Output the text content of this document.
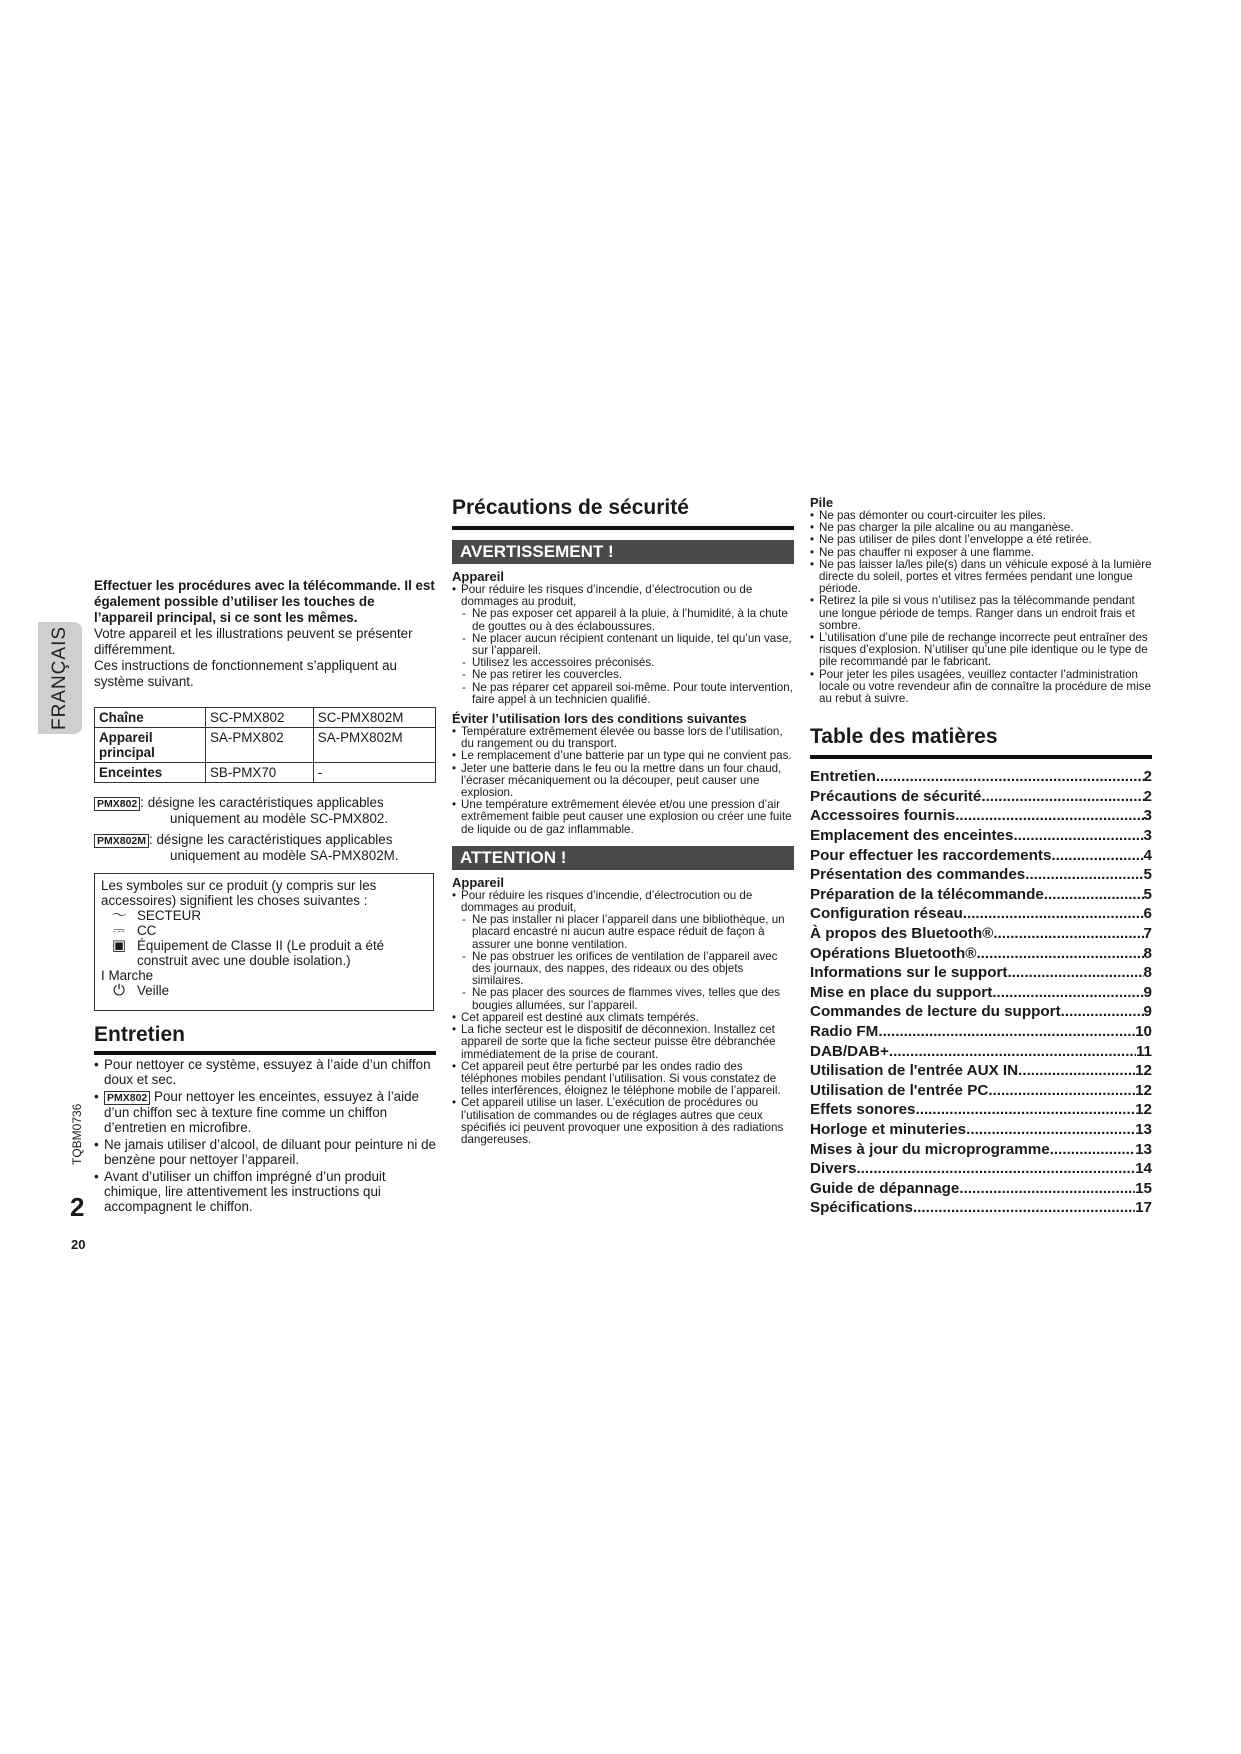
FRANÇAIS
TQBM0736
2
20
Effectuer les procédures avec la télécommande. Il est également possible d’utiliser les touches de l’appareil principal, si ce sont les mêmes.
Votre appareil et les illustrations peuvent se présenter différemment.
Ces instructions de fonctionnement s’appliquent au système suivant.
Chaîne	SC-PMX802	SC-PMX802M
Appareil principal	SA-PMX802	SA-PMX802M
Enceintes	SB-PMX70	-
PMX802 : désigne les caractéristiques applicables
uniquement au modèle SC-PMX802.
PMX802M : désigne les caractéristiques applicables
uniquement au modèle SA-PMX802M.
Les symboles sur ce produit (y compris sur les accessoires) signifient les choses suivantes :
～ SECTEUR
⎓ CC
▣ Équipement de Classe II (Le produit a été construit avec une double isolation.)
I Marche
⏻ Veille
Entretien
• Pour nettoyer ce système, essuyez à l’aide d’un chiffon doux et sec.
• PMX802 Pour nettoyer les enceintes, essuyez à l’aide d’un chiffon sec à texture fine comme un chiffon d’entretien en microfibre.
• Ne jamais utiliser d’alcool, de diluant pour peinture ni de benzène pour nettoyer l’appareil.
• Avant d’utiliser un chiffon imprégné d’un produit chimique, lire attentivement les instructions qui accompagnent le chiffon.
Précautions de sécurité
AVERTISSEMENT !
Appareil

• Pour réduire les risques d’incendie, d’électrocution ou de dommages au produit,

- Ne pas exposer cet appareil à la pluie, à l’humidité, à la chute de gouttes ou à des éclaboussures.

- Ne placer aucun récipient contenant un liquide, tel qu’un vase, sur l’appareil.

- Utilisez les accessoires préconisés.

- Ne pas retirer les couvercles.

- Ne pas réparer cet appareil soi-même. Pour toute intervention, faire appel à un technicien qualifié.

Éviter l’utilisation lors des conditions suivantes

• Température extrêmement élevée ou basse lors de l’utilisation, du rangement ou du transport.

• Le remplacement d’une batterie par un type qui ne convient pas.

• Jeter une batterie dans le feu ou la mettre dans un four chaud, l’écraser mécaniquement ou la découper, peut causer une explosion.

• Une température extrêmement élevée et/ou une pression d’air extrêmement faible peut causer une explosion ou créer une fuite de liquide ou de gaz inflammable.

ATTENTION !
Appareil

• Pour réduire les risques d’incendie, d’électrocution ou de dommages au produit,

- Ne pas installer ni placer l’appareil dans une bibliothèque, un placard encastré ni aucun autre espace réduit de façon à assurer une bonne ventilation.

- Ne pas obstruer les orifices de ventilation de l’appareil avec des journaux, des nappes, des rideaux ou des objets similaires.

- Ne pas placer des sources de flammes vives, telles que des bougies allumées, sur l’appareil.

• Cet appareil est destiné aux climats tempérés.

• La fiche secteur est le dispositif de déconnexion. Installez cet appareil de sorte que la fiche secteur puisse être débranchée immédiatement de la prise de courant.

• Cet appareil peut être perturbé par les ondes radio des téléphones mobiles pendant l’utilisation. Si vous constatez de telles interférences, éloignez le téléphone mobile de l’appareil.

• Cet appareil utilise un laser. L’exécution de procédures ou l’utilisation de commandes ou de réglages autres que ceux spécifiés ici peuvent provoquer une exposition à des radiations dangereuses.

Pile

• Ne pas démonter ou court-circuiter les piles.

• Ne pas charger la pile alcaline ou au manganèse.

• Ne pas utiliser de piles dont l’enveloppe a été retirée.

• Ne pas chauffer ni exposer à une flamme.

• Ne pas laisser la/les pile(s) dans un véhicule exposé à la lumière directe du soleil, portes et vitres fermées pendant une longue période.

• Retirez la pile si vous n’utilisez pas la télécommande pendant une longue période de temps. Ranger dans un endroit frais et sombre.

• L’utilisation d’une pile de rechange incorrecte peut entraîner des risques d’explosion. N’utiliser qu’une pile identique ou le type de pile recommandé par le fabricant.

• Pour jeter les piles usagées, veuillez contacter l’administration locale ou votre revendeur afin de connaître la procédure de mise au rebut à suivre.

Table des matières
Entretien .....	2
Précautions de sécurité .....	2
Accessoires fournis .....	3
Emplacement des enceintes .....	3
Pour effectuer les raccordements .....	4
Présentation des commandes .....	5
Préparation de la télécommande .....	5
Configuration réseau .....	6
À propos des Bluetooth® .....	7
Opérations Bluetooth® .....	8
Informations sur le support .....	8
Mise en place du support .....	9
Commandes de lecture du support .....	9
Radio FM .....	10
DAB/DAB+ .....	11
Utilisation de l'entrée AUX IN .....	12
Utilisation de l'entrée PC .....	12
Effets sonores .....	12
Horloge et minuteries .....	13
Mises à jour du microprogramme .....	13
Divers .....	14
Guide de dépannage .....	15
Spécifications .....	17
